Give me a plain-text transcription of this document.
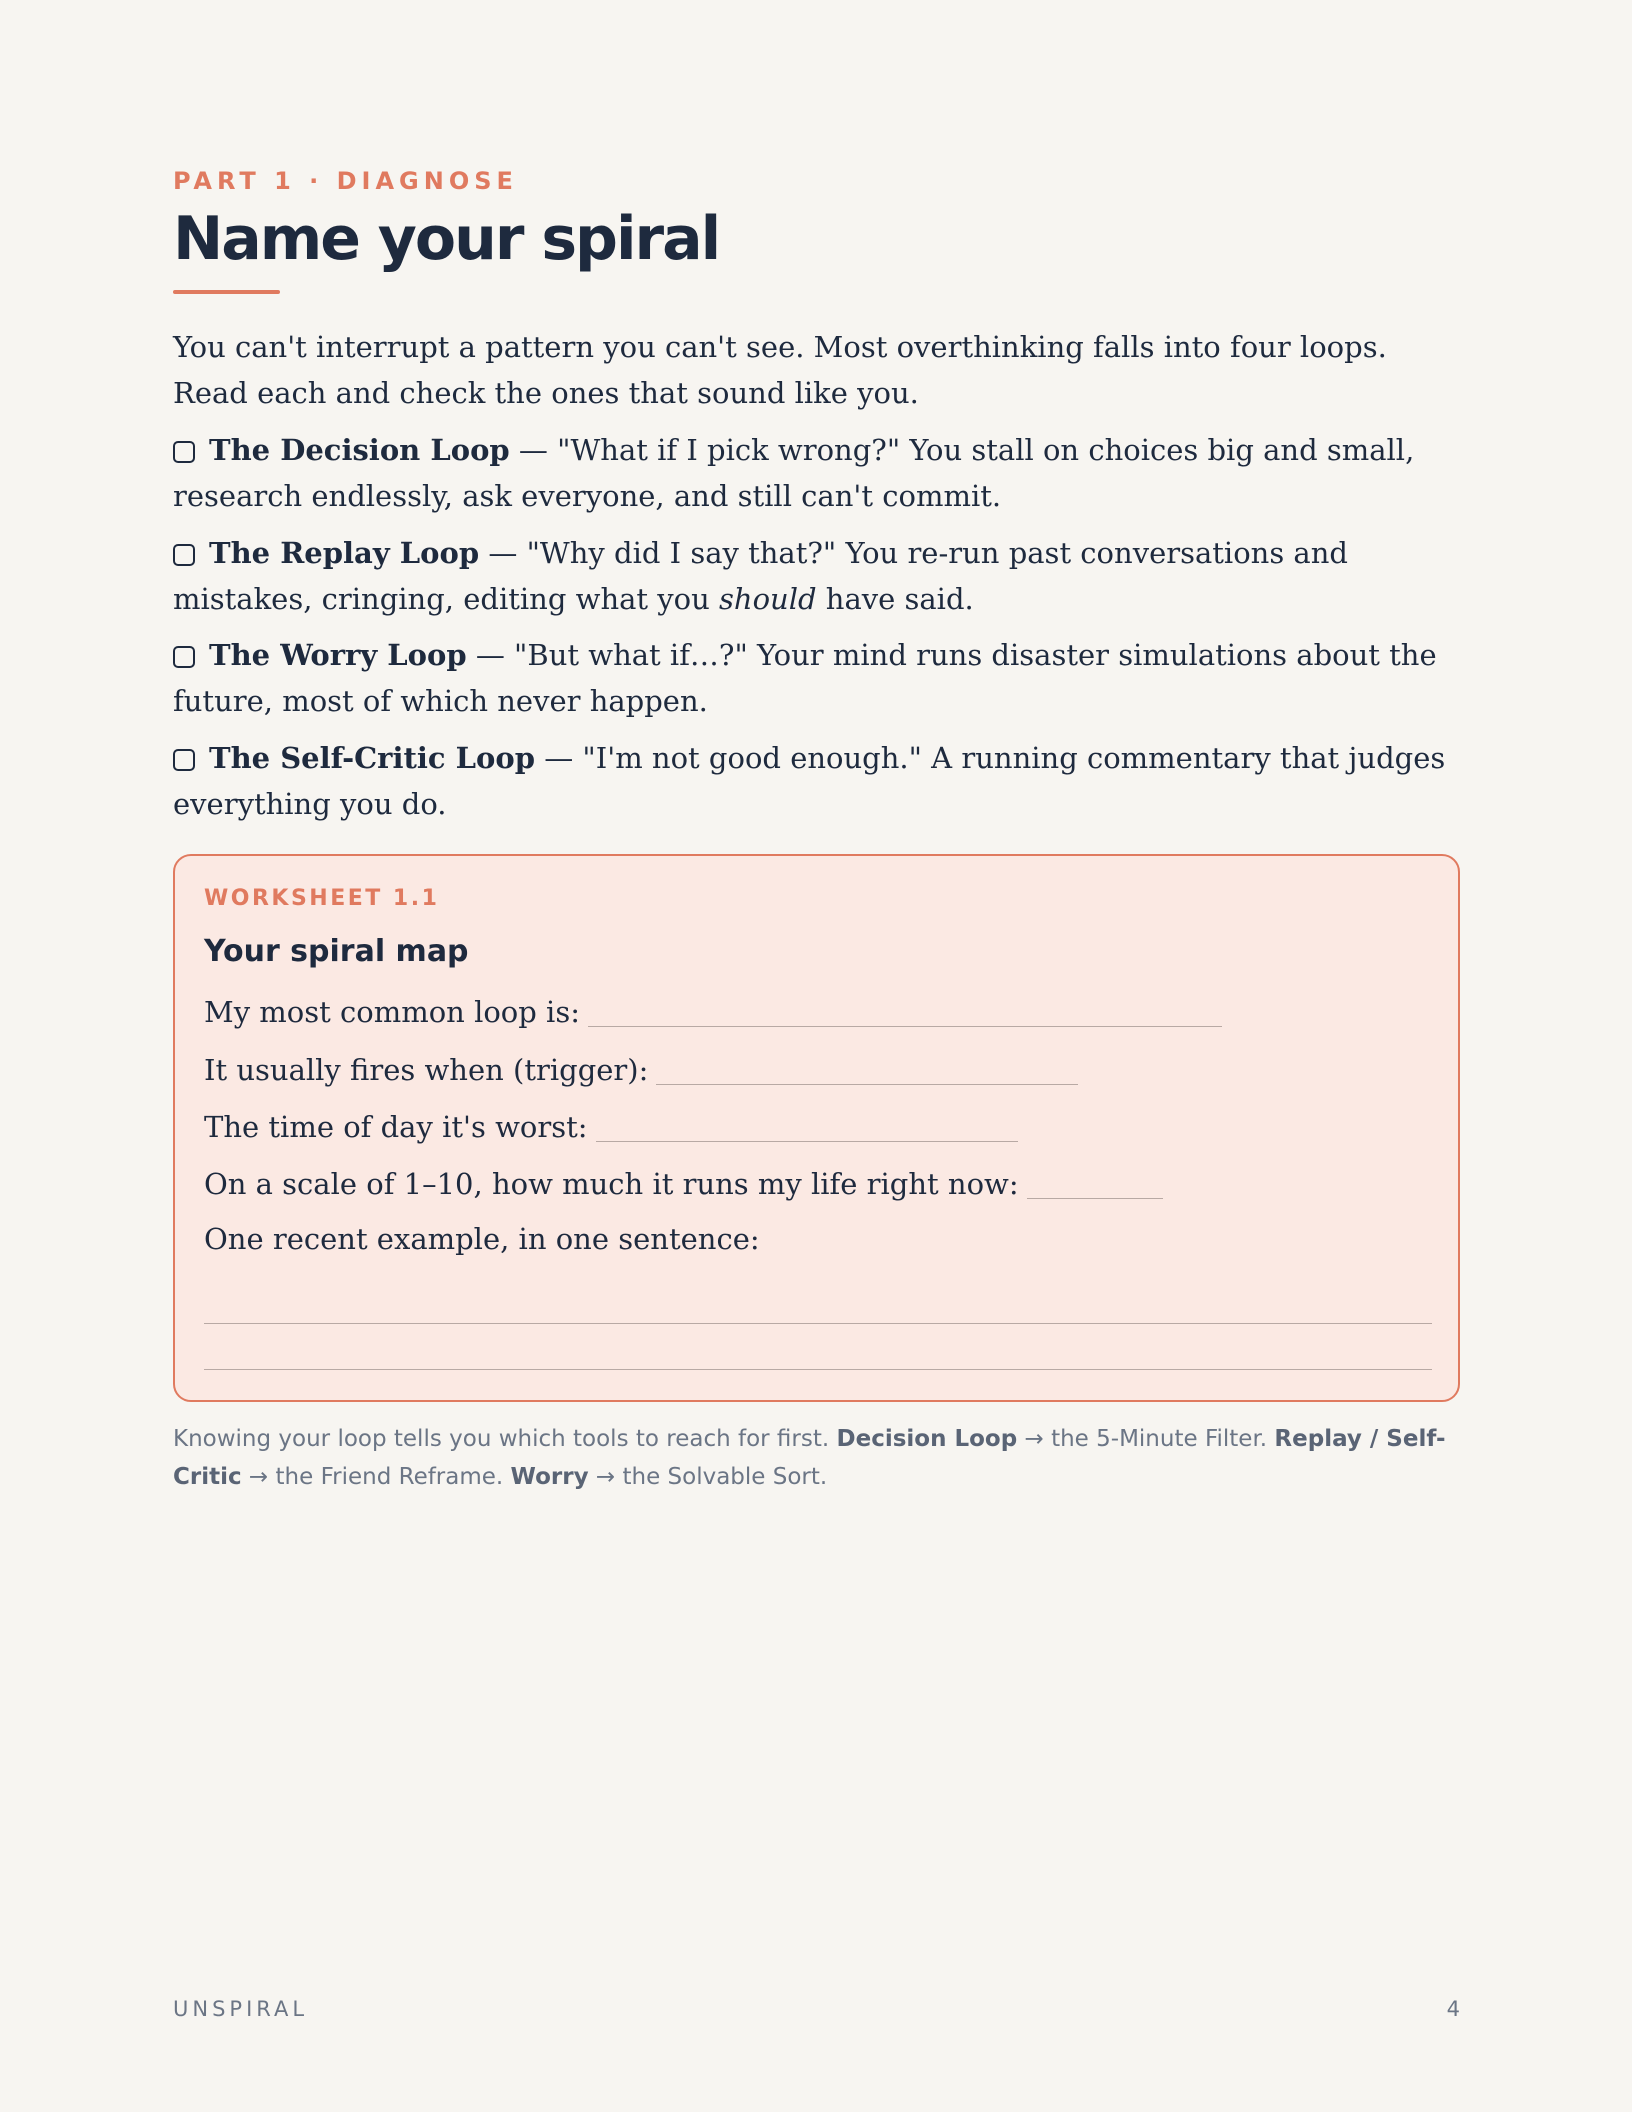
PART 1 · DIAGNOSE
Name your spiral

You can't interrupt a pattern you can't see. Most overthinking falls into four loops. Read each and check the ones that sound like you.

The Decision Loop — "What if I pick wrong?" You stall on choices big and small, research endlessly, ask everyone, and still can't commit.

The Replay Loop — "Why did I say that?" You re-run past conversations and mistakes, cringing, editing what you should have said.

The Worry Loop — "But what if…?" Your mind runs disaster simulations about the future, most of which never happen.

The Self-Critic Loop — "I'm not good enough." A running commentary that judges everything you do.

WORKSHEET 1.1
Your spiral map
My most common loop is:
It usually fires when (trigger):
The time of day it's worst:
On a scale of 1–10, how much it runs my life right now:
One recent example, in one sentence:

Knowing your loop tells you which tools to reach for first. Decision Loop → the 5-Minute Filter. Replay / Self-Critic → the Friend Reframe. Worry → the Solvable Sort.

UNSPIRAL	4
